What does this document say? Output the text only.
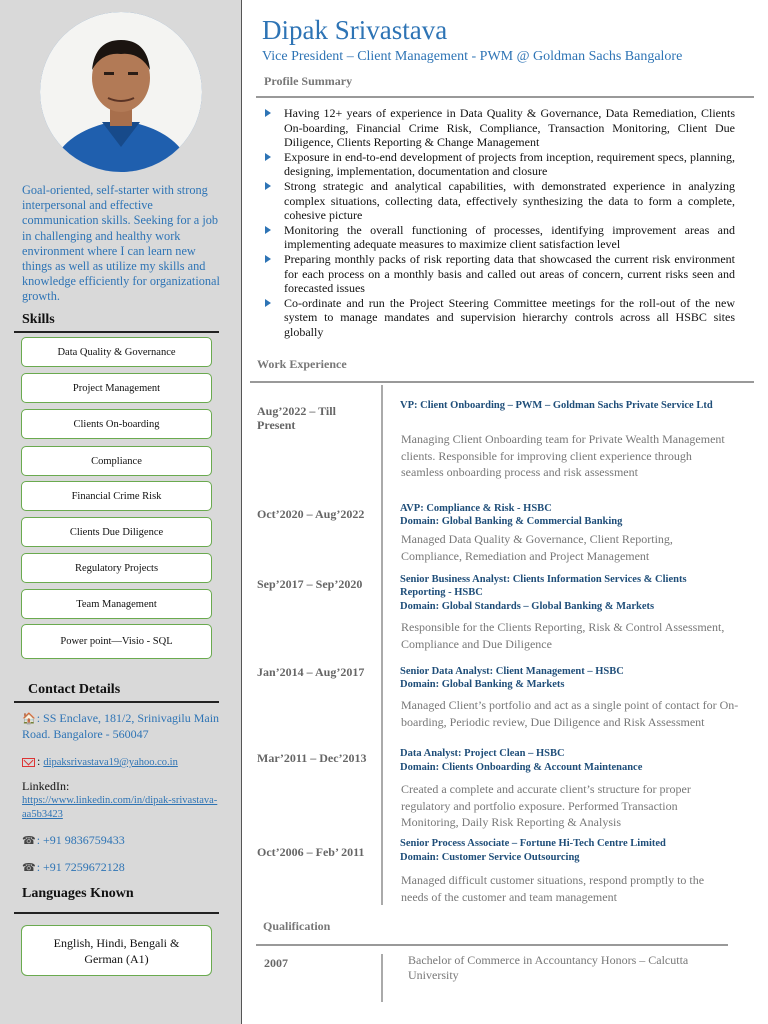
Goal-oriented, self-starter with strong interpersonal and effective communication skills. Seeking for a job in challenging and healthy work environment where I can learn new things as well as utilize my skills and knowledge efficiently for organizational growth.
Skills
Data Quality & Governance
Project Management
Clients On-boarding
Compliance
Financial Crime Risk
Clients Due Diligence
Regulatory Projects
Team Management
Power point—Visio - SQL
Contact Details
🏠: SS Enclave, 181/2, Srinivagilu Main Road. Bangalore - 560047
: dipaksrivastava19@yahoo.co.in
LinkedIn:
https://www.linkedin.com/in/dipak-srivastava-aa5b3423
☎: +91 9836759433
☎: +91 7259672128
Languages Known
English, Hindi, Bengali & German (A1)
Dipak Srivastava
Vice President – Client Management - PWM @ Goldman Sachs Bangalore
Profile Summary
Having 12+ years of experience in Data Quality & Governance, Data Remediation, Clients On-boarding, Financial Crime Risk, Compliance, Transaction Monitoring, Client Due Diligence, Clients Reporting & Change Management
Exposure in end-to-end development of projects from inception, requirement specs, planning, designing, implementation, documentation and closure
Strong strategic and analytical capabilities, with demonstrated experience in analyzing complex situations, collecting data, effectively synthesizing the data to form a complete, cohesive picture
Monitoring the overall functioning of processes, identifying improvement areas and implementing adequate measures to maximize client satisfaction level
Preparing monthly packs of risk reporting data that showcased the current risk environment for each process on a monthly basis and called out areas of concern, current risks seen and forecasted issues
Co-ordinate and run the Project Steering Committee meetings for the roll-out of the new system to manage mandates and supervision hierarchy controls across all HSBC sites globally
Work Experience
Aug’2022 – Till Present
VP: Client Onboarding – PWM – Goldman Sachs Private Service Ltd
Managing Client Onboarding team for Private Wealth Management clients. Responsible for improving client experience through seamless onboarding process and risk assessment
Oct’2020 – Aug’2022	AVP: Compliance & Risk - HSBC
Domain: Global Banking & Commercial Banking
Managed Data Quality & Governance, Client Reporting, Compliance, Remediation and Project Management
Sep’2017 – Sep’2020	Senior Business Analyst: Clients Information Services & Clients Reporting - HSBC
Domain: Global Standards – Global Banking & Markets
Responsible for the Clients Reporting, Risk & Control Assessment, Compliance and Due Diligence
Jan’2014 – Aug’2017	Senior Data Analyst: Client Management – HSBC
Domain: Global Banking & Markets
Managed Client’s portfolio and act as a single point of contact for On-boarding, Periodic review, Due Diligence and Risk Assessment
Mar’2011 – Dec’2013	Data Analyst: Project Clean – HSBC
Domain: Clients Onboarding & Account Maintenance
Created a complete and accurate client’s structure for proper regulatory and portfolio exposure. Performed Transaction Monitoring, Daily Risk Reporting & Analysis
Oct’2006 – Feb’ 2011
Senior Process Associate – Fortune Hi-Tech Centre Limited
Domain: Customer Service Outsourcing
Managed difficult customer situations, respond promptly to the needs of the customer and team management
Qualification
2007	Bachelor of Commerce in Accountancy Honors – Calcutta University
